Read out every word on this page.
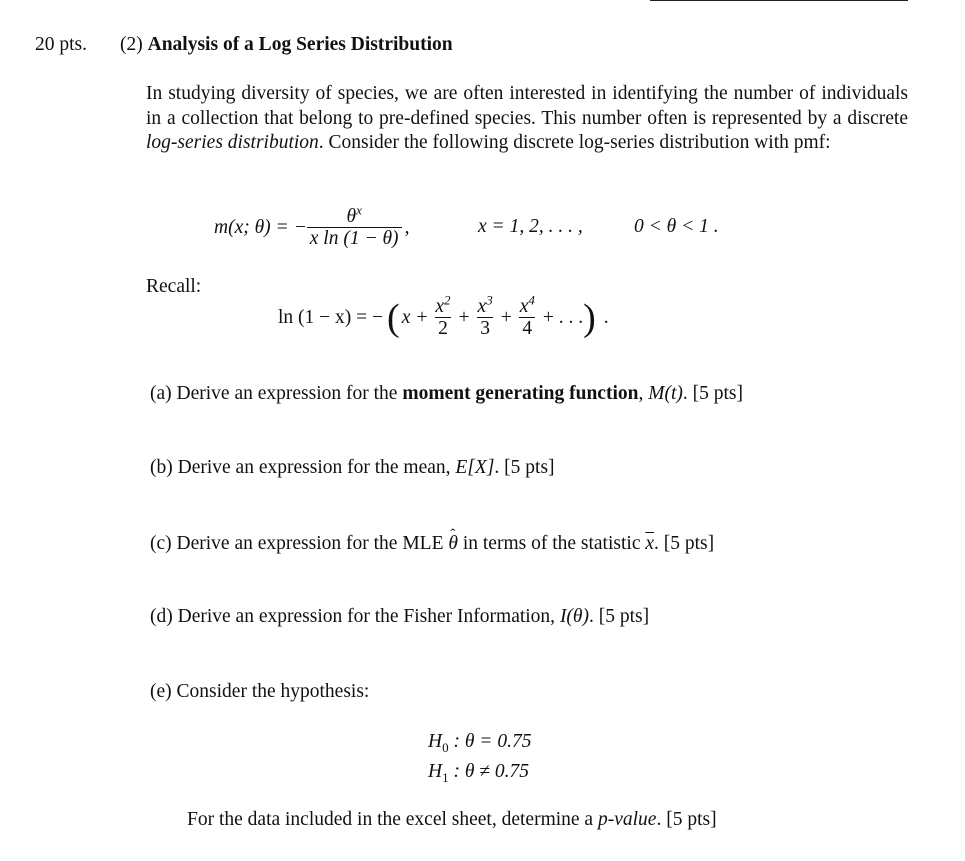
20 pts. (2) Analysis of a Log Series Distribution
In studying diversity of species, we are often interested in identifying the number of individuals in a collection that belong to pre-defined species. This number often is represented by a discrete log-series distribution. Consider the following discrete log-series distribution with pmf:
m(x; θ) = − $\frac{\theta^x}{\text{x ln (1 − θ)}}$ ,	x = 1, 2, . . . ,	0 < θ < 1 .
Recall:
ln (1 − x) = − ( $x + \frac{x^2}{2} + \frac{x^3}{3} + \frac{x^4}{4}$ + . . . ) .
(a) Derive an expression for the moment generating function, M(t). [5 pts]
(b) Derive an expression for the mean, E[X]. [5 pts]
(c) Derive an expression for the MLE ˆ θ in terms of the statistic $\overline{x}$. [5 pts]
(d) Derive an expression for the Fisher Information, I(θ). [5 pts]
(e) Consider the hypothesis:
$H_0$ : θ = 0.75
$H_1$ : θ ≠ 0.75
For the data included in the excel sheet, determine a p-value. [5 pts]
